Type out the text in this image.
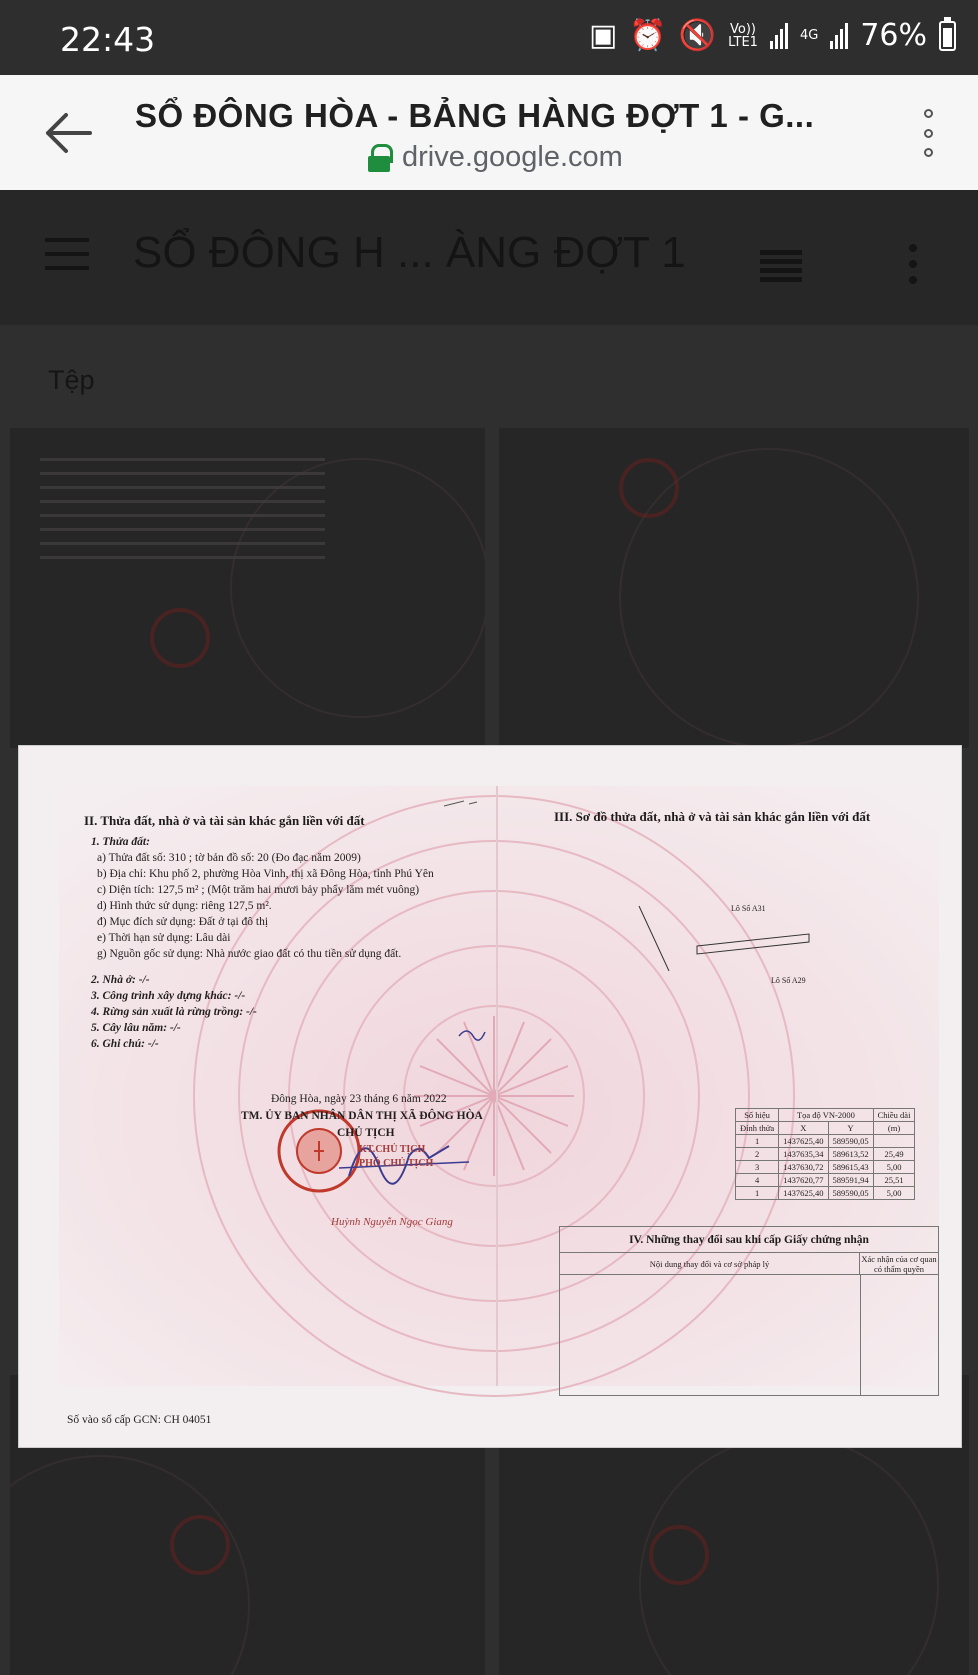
22:43	▣ ⏰ 🔇 Vo))
LTE1	4G 76%
SỔ ĐÔNG HÒA - BẢNG HÀNG ĐỢT 1 - G...
drive.google.com
SỔ ĐÔNG H ... ÀNG ĐỢT 1
Tệp
II. Thửa đất, nhà ở và tài sản khác gắn liền với đất	III. Sơ đồ thửa đất, nhà ở và tài sản khác gắn liền với đất
1. Thửa đất:
a) Thửa đất số: 310 ; tờ bản đồ số: 20 (Đo đạc năm 2009)
b) Địa chỉ: Khu phố 2, phường Hòa Vinh, thị xã Đông Hòa, tỉnh Phú Yên
c) Diện tích: 127,5 m² ; (Một trăm hai mươi bảy phẩy lăm mét vuông)
d) Hình thức sử dụng: riêng 127,5 m².
đ) Mục đích sử dụng: Đất ở tại đô thị
e) Thời hạn sử dụng: Lâu dài
g) Nguồn gốc sử dụng: Nhà nước giao đất có thu tiền sử dụng đất.
2. Nhà ở: -/-
3. Công trình xây dựng khác: -/-
4. Rừng sản xuất là rừng trồng: -/-
5. Cây lâu năm: -/-
6. Ghi chú: -/-
Lô Số A31
Lô Số A29
Đông Hòa, ngày 23 tháng 6 năm 2022
TM. ỦY BAN NHÂN DÂN THỊ XÃ ĐÔNG HÒA
CHỦ TỊCH
KT.CHỦ TỊCH
PHÓ CHỦ TỊCH
Huỳnh Nguyễn Ngọc Giang
Số vào sổ cấp GCN: CH 04051
Số hiệu	Tọa độ VN-2000		Chiều dài
Đỉnh thửa	X	Y	(m)
1	1437625,40	589590,05	
2	1437635,34	589613,52	25,49
3	1437630,72	589615,43	5,00
4	1437620,77	589591,94	25,51
1	1437625,40	589590,05	5,00
IV. Những thay đổi sau khi cấp Giấy chứng nhận
Nội dung thay đổi và cơ sở pháp lý	Xác nhận của cơ quan có thẩm quyền
